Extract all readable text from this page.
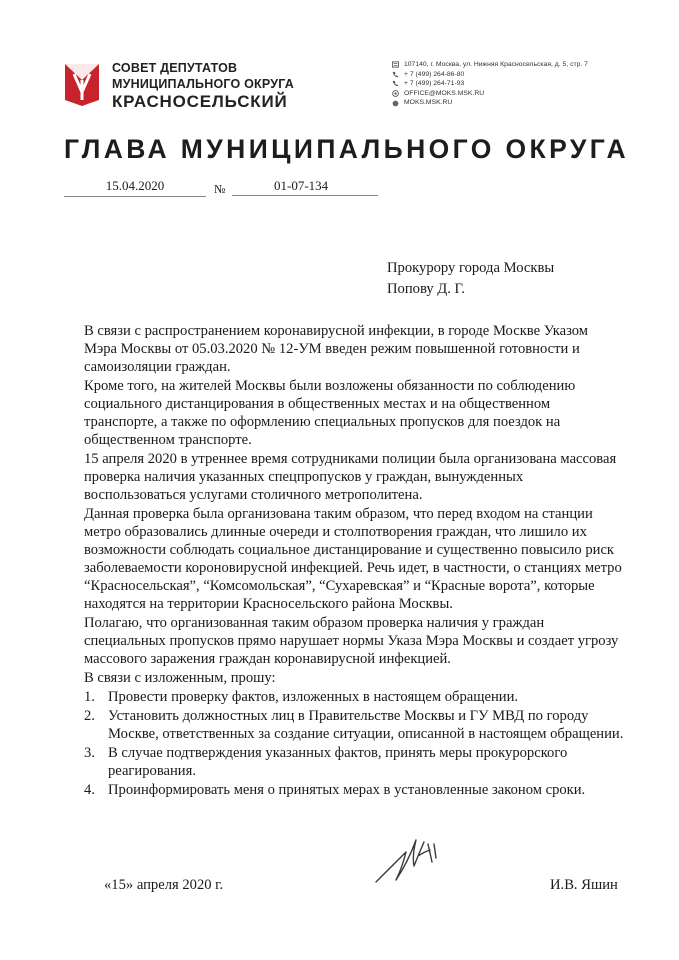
СОВЕТ ДЕПУТАТОВ
МУНИЦИПАЛЬНОГО ОКРУГА
КРАСНОСЕЛЬСКИЙ
107140, г. Москва, ул. Нижняя Красносельская, д. 5, стр. 7
+ 7 (499) 264-86-80
+ 7 (499) 264-71-93
OFFICE@MOKS.MSK.RU
MOKS.MSK.RU
ГЛАВА МУНИЦИПАЛЬНОГО ОКРУГА
15.04.2020	№	01-07-134
Прокурору города Москвы
Попову Д. Г.

В связи с распространением коронавирусной инфекции, в городе Москве Указом Мэра Москвы от 05.03.2020 № 12-УМ введен режим повышенной готовности и самоизоляции граждан.

Кроме того, на жителей Москвы были возложены обязанности по соблюдению социального дистанцирования в общественных местах и на общественном транспорте, а также по оформлению специальных пропусков для поездок на общественном транспорте.

15 апреля 2020 в утреннее время сотрудниками полиции была организована массовая проверка наличия указанных спецпропусков у граждан, вынужденных воспользоваться услугами столичного метрополитена.

Данная проверка была организована таким образом, что перед входом на станции метро образовались длинные очереди и столпотворения граждан, что лишило их возможности соблюдать социальное дистанцирование и существенно повысило риск заболеваемости короновирусной инфекцией. Речь идет, в частности, о станциях метро “Красносельская”, “Комсомольская”, “Сухаревская” и “Красные ворота”, которые находятся на территории Красносельского района Москвы.

Полагаю, что организованная таким образом проверка наличия у граждан специальных пропусков прямо нарушает нормы Указа Мэра Москвы и создает угрозу массового заражения граждан коронавирусной инфекцией.

В связи с изложенным, прошу:
1. Провести проверку фактов, изложенных в настоящем обращении.
2. Установить должностных лиц в Правительстве Москвы и ГУ МВД по городу Москве, ответственных за создание ситуации, описанной в настоящем обращении.
3. В случае подтверждения указанных фактов, принять меры прокурорского реагирования.
4. Проинформировать меня о принятых мерах в установленные законом сроки.
«15» апреля 2020 г.	И.В. Яшин
